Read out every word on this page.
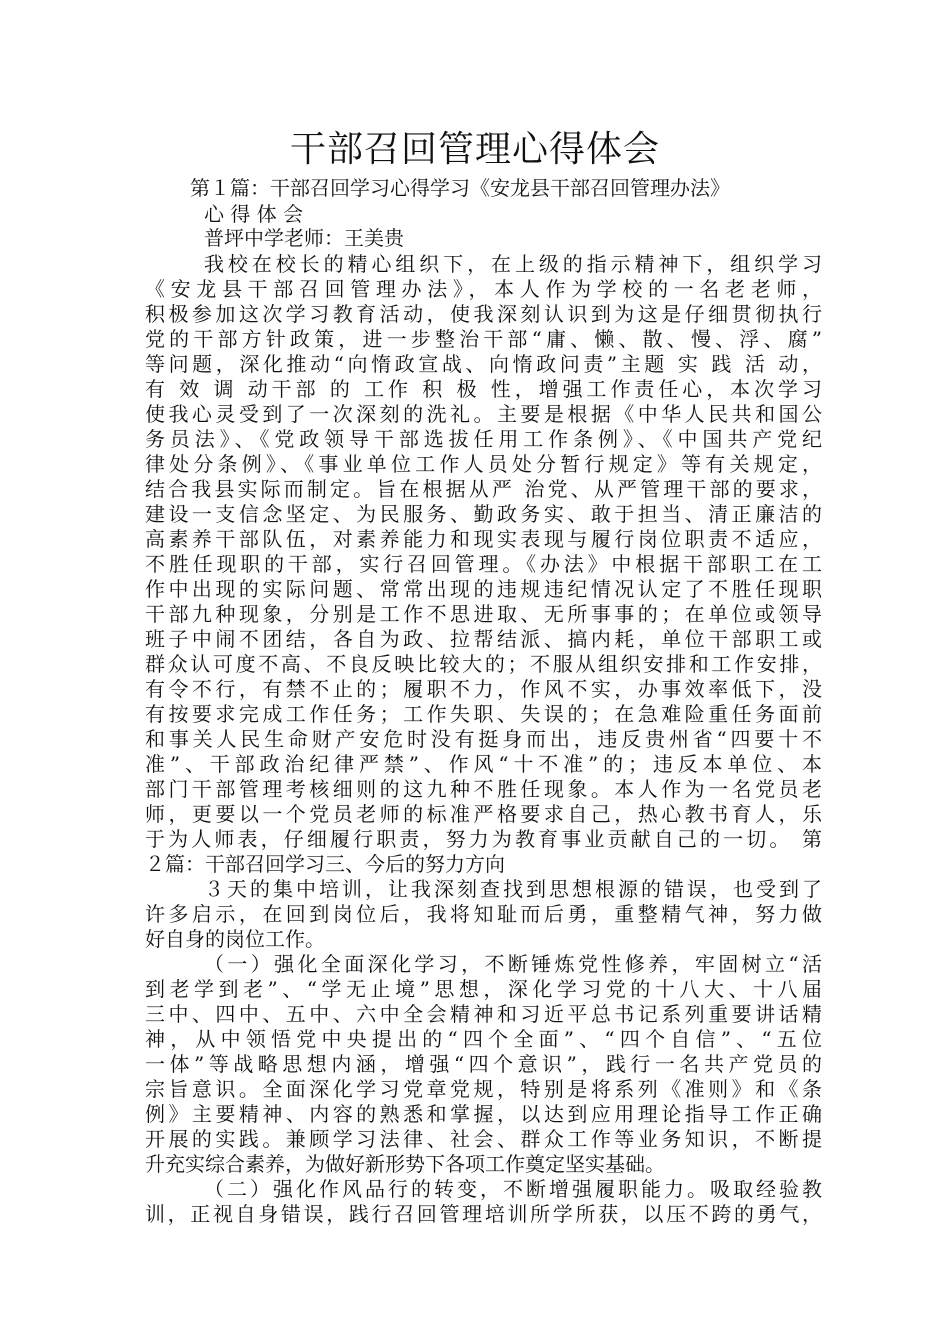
干部召回管理心得体会
第１篇：干部召回学习心得学习《安龙县干部召回管理办法》
心 得 体 会
普坪中学老师：王美贵
我校在校长的精心组织下，在上级的指示精神下，组织学习
《安龙县干部召回管理办法》，本人作为学校的一名老老师，
积极参加这次学习教育活动，使我深刻认识到为这是仔细贯彻执行
党的干部方针政策，进一步整治干部“庸、懒、散、慢、浮、腐”
等问题，深化推动“向惰政宣战、向惰政问责”主题 实 践 活 动，
有 效 调 动干部 的 工作 积 极 性，增强工作责任心，本次学习
使我心灵受到了一次深刻的洗礼。主要是根据《中华人民共和国公
务员法》、《党政领导干部选拔任用工作条例》、《中国共产党纪
律处分条例》、《事业单位工作人员处分暂行规定》等有关规定，
结合我县实际而制定。旨在根据从严 治党、从严管理干部的要求，
建设一支信念坚定、为民服务、勤政务实、敢于担当、清正廉洁的
高素养干部队伍，对素养能力和现实表现与履行岗位职责不适应，
不胜任现职的干部，实行召回管理。《办法》中根据干部职工在工
作中出现的实际问题、常常出现的违规违纪情况认定了不胜任现职
干部九种现象，分别是工作不思进取、无所事事的；在单位或领导
班子中闹不团结，各自为政、拉帮结派、搞内耗，单位干部职工或
群众认可度不高、不良反映比较大的；不服从组织安排和工作安排，
有令不行，有禁不止的；履职不力，作风不实，办事效率低下，没
有按要求完成工作任务；工作失职、失误的；在急难险重任务面前
和事关人民生命财产安危时没有挺身而出，违反贵州省“四要十不
准”、干部政治纪律严禁”、作风“十不准”的；违反本单位、本
部门干部管理考核细则的这九种不胜任现象。本人作为一名党员老
师，更要以一个党员老师的标准严格要求自己，热心教书育人，乐
于为人师表，仔细履行职责，努力为教育事业贡献自己的一切。 第
２篇：干部召回学习三、今后的努力方向
３天的集中培训，让我深刻查找到思想根源的错误，也受到了
许多启示，在回到岗位后，我将知耻而后勇，重整精气神，努力做
好自身的岗位工作。
（一）强化全面深化学习，不断锤炼党性修养，牢固树立“活
到老学到老”、“学无止境”思想，深化学习党的十八大、十八届
三中、四中、五中、六中全会精神和习近平总书记系列重要讲话精
神，从中领悟党中央提出的“四个全面”、“四个自信”、“五位
一体”等战略思想内涵，增强“四个意识”，践行一名共产党员的
宗旨意识。全面深化学习党章党规，特别是将系列《准则》和《条
例》主要精神、内容的熟悉和掌握，以达到应用理论指导工作正确
开展的实践。兼顾学习法律、社会、群众工作等业务知识，不断提
升充实综合素养，为做好新形势下各项工作奠定坚实基础。
（二）强化作风品行的转变，不断增强履职能力。吸取经验教
训，正视自身错误，践行召回管理培训所学所获，以压不跨的勇气，
